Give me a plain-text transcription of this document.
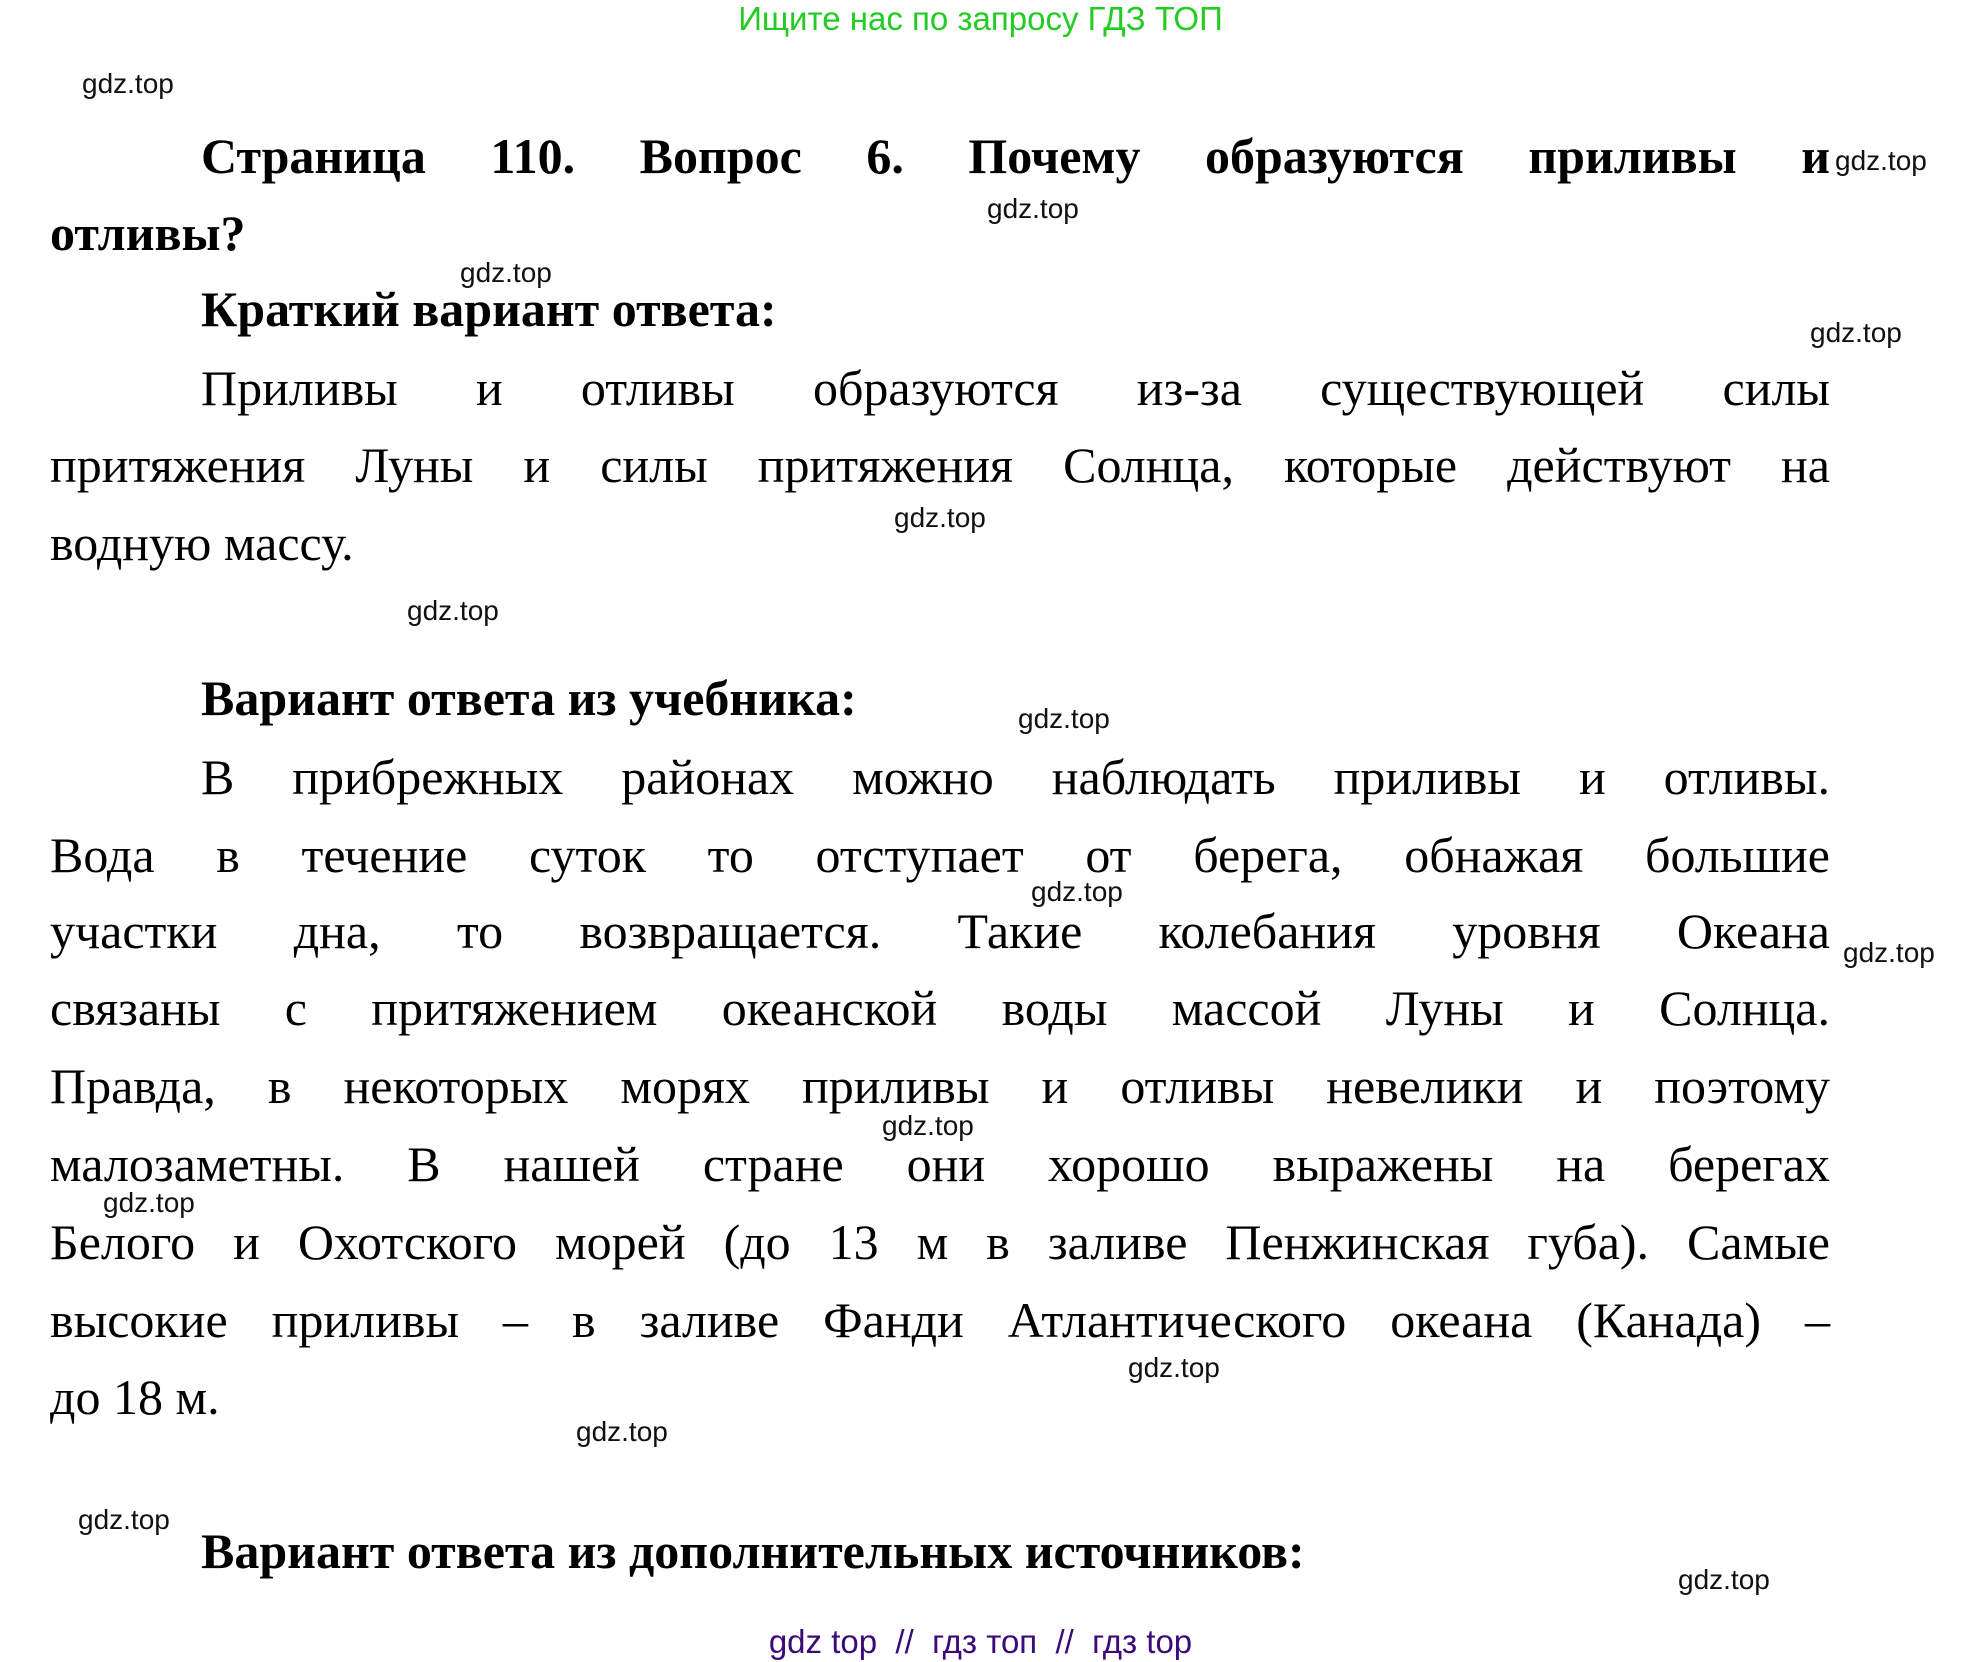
Ищите нас по запросу ГДЗ ТОП
Страница 110. Вопрос 6. Почему образуются приливы и
отливы?
Краткий вариант ответа:
Приливы и отливы образуются из-за существующей силы
притяжения Луны и силы притяжения Солнца, которые действуют на
водную массу.
Вариант ответа из учебника:
В прибрежных районах можно наблюдать приливы и отливы.
Вода в течение суток то отступает от берега, обнажая большие
участки дна, то возвращается. Такие колебания уровня Океана
связаны с притяжением океанской воды массой Луны и Солнца.
Правда, в некоторых морях приливы и отливы невелики и поэтому
малозаметны. В нашей стране они хорошо выражены на берегах
Белого и Охотского морей (до 13 м в заливе Пенжинская губа). Самые
высокие приливы – в заливе Фанди Атлантического океана (Канада) –
до 18 м.
Вариант ответа из дополнительных источников:
gdz.top
gdz.top
gdz.top
gdz.top
gdz.top
gdz.top
gdz.top
gdz.top
gdz.top
gdz.top
gdz.top
gdz.top
gdz.top
gdz.top
gdz.top
gdz.top
gdz top  //  гдз топ  //  гдз top
